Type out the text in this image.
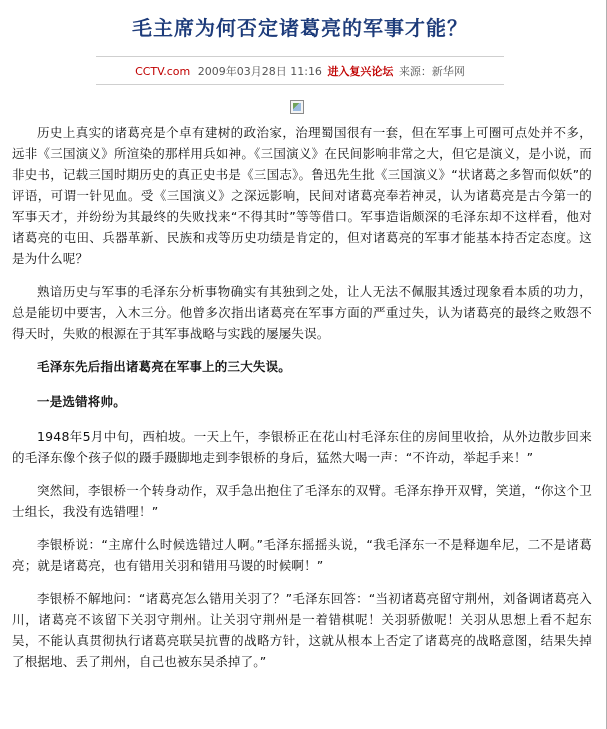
毛主席为何否定诸葛亮的军事才能？
CCTV.com 2009年03月28日 11:16 进入复兴论坛 来源：新华网

历史上真实的诸葛亮是个卓有建树的政治家，治理蜀国很有一套，但在军事上可圈可点处并不多，远非《三国演义》所渲染的那样用兵如神。《三国演义》在民间影响非常之大，但它是演义，是小说，而非史书，记载三国时期历史的真正史书是《三国志》。鲁迅先生批《三国演义》“状诸葛之多智而似妖”的评语，可谓一针见血。受《三国演义》之深远影响，民间对诸葛亮奉若神灵，认为诸葛亮是古今第一的军事天才，并纷纷为其最终的失败找来“不得其时”等等借口。军事造诣颇深的毛泽东却不这样看，他对诸葛亮的屯田、兵器革新、民族和戎等历史功绩是肯定的，但对诸葛亮的军事才能基本持否定态度。这是为什么呢？

熟谙历史与军事的毛泽东分析事物确实有其独到之处，让人无法不佩服其透过现象看本质的功力，总是能切中要害，入木三分。他曾多次指出诸葛亮在军事方面的严重过失，认为诸葛亮的最终之败怨不得天时，失败的根源在于其军事战略与实践的屡屡失误。

毛泽东先后指出诸葛亮在军事上的三大失误。

一是选错将帅。

1948年5月中旬，西柏坡。一天上午，李银桥正在花山村毛泽东住的房间里收拾，从外边散步回来的毛泽东像个孩子似的蹑手蹑脚地走到李银桥的身后，猛然大喝一声：“不许动，举起手来！”

突然间，李银桥一个转身动作，双手急出抱住了毛泽东的双臂。毛泽东挣开双臂，笑道，“你这个卫士组长，我没有选错哩！”

李银桥说：“主席什么时候选错过人啊。”毛泽东摇摇头说，“我毛泽东一不是释迦牟尼，二不是诸葛亮；就是诸葛亮，也有错用关羽和错用马谡的时候啊！”

李银桥不解地问：“诸葛亮怎么错用关羽了？”毛泽东回答：“当初诸葛亮留守荆州，刘备调诸葛亮入川，诸葛亮不该留下关羽守荆州。让关羽守荆州是一着错棋呢！关羽骄傲呢！关羽从思想上看不起东吴，不能认真贯彻执行诸葛亮联吴抗曹的战略方针，这就从根本上否定了诸葛亮的战略意图，结果失掉了根据地、丢了荆州，自己也被东吴杀掉了。”
